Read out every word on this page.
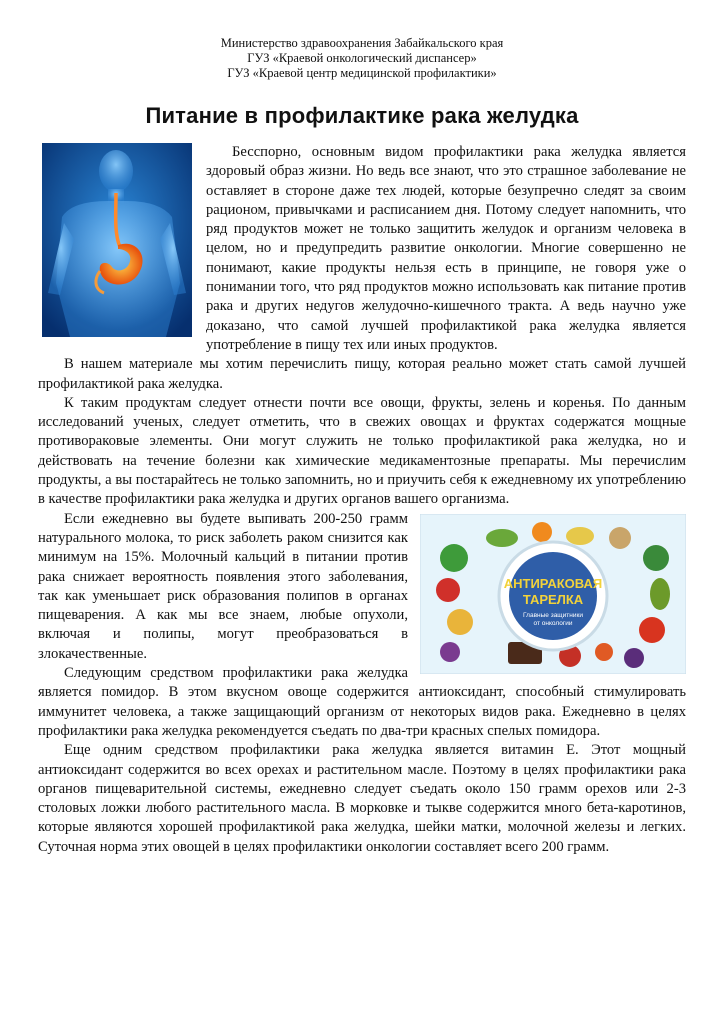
Министерство здравоохранения Забайкальского края
ГУЗ «Краевой онкологический диспансер»
ГУЗ «Краевой центр медицинской профилактики»
Питание в профилактике рака желудка

Бесспорно, основным видом профилактики рака желудка является здоровый образ жизни. Но ведь все знают, что это страшное заболевание не оставляет в стороне даже тех людей, которые безупречно следят за своим рационом, привычками и расписанием дня. Потому следует напомнить, что ряд продуктов может не только защитить желудок и организм человека в целом, но и предупредить развитие онкологии. Многие совершенно не понимают, какие продукты нельзя есть в принципе, не говоря уже о понимании того, что ряд продуктов можно использовать как питание против рака и других недугов желудочно-кишечного тракта. А ведь научно уже доказано, что самой лучшей профилактикой рака желудка является употребление в пищу тех или иных продуктов.

В нашем материале мы хотим перечислить пищу, которая реально может стать самой лучшей профилактикой рака желудка.

К таким продуктам следует отнести почти все овощи, фрукты, зелень и коренья. По данным исследований ученых, следует отметить, что в свежих овощах и фруктах содержатся мощные противораковые элементы. Они могут служить не только профилактикой рака желудка, но и действовать на течение болезни как химические медикаментозные препараты. Мы перечислим продукты, а вы постарайтесь не только запомнить, но и приучить себя к ежедневному их употреблению в качестве профилактики рака желудка и других органов вашего организма.

АНТИРАКОВАЯ
ТАРЕЛКА
Главные защитники
от онкологии

Если ежедневно вы будете выпивать 200-250 грамм натурального молока, то риск заболеть раком снизится как минимум на 15%. Молочный кальций в питании против рака снижает вероятность появления этого заболевания, так как уменьшает риск образования полипов в органах пищеварения. А как мы все знаем, любые опухоли, включая и полипы, могут преобразоваться в злокачественные.

Следующим средством профилактики рака желудка является помидор. В этом вкусном овоще содержится антиоксидант, способный стимулировать иммунитет человека, а также защищающий организм от некоторых видов рака. Ежедневно в целях профилактики рака желудка рекомендуется съедать по два-три красных спелых помидора.

Еще одним средством профилактики рака желудка является витамин Е. Этот мощный антиоксидант содержится во всех орехах и растительном масле. Поэтому в целях профилактики рака органов пищеварительной системы, ежедневно следует съедать около 150 грамм орехов или 2-3 столовых ложки любого растительного масла. В морковке и тыкве содержится много бета-каротинов, которые являются хорошей профилактикой рака желудка, шейки матки, молочной железы и легких. Суточная норма этих овощей в целях профилактики онкологии составляет всего 200 грамм.
